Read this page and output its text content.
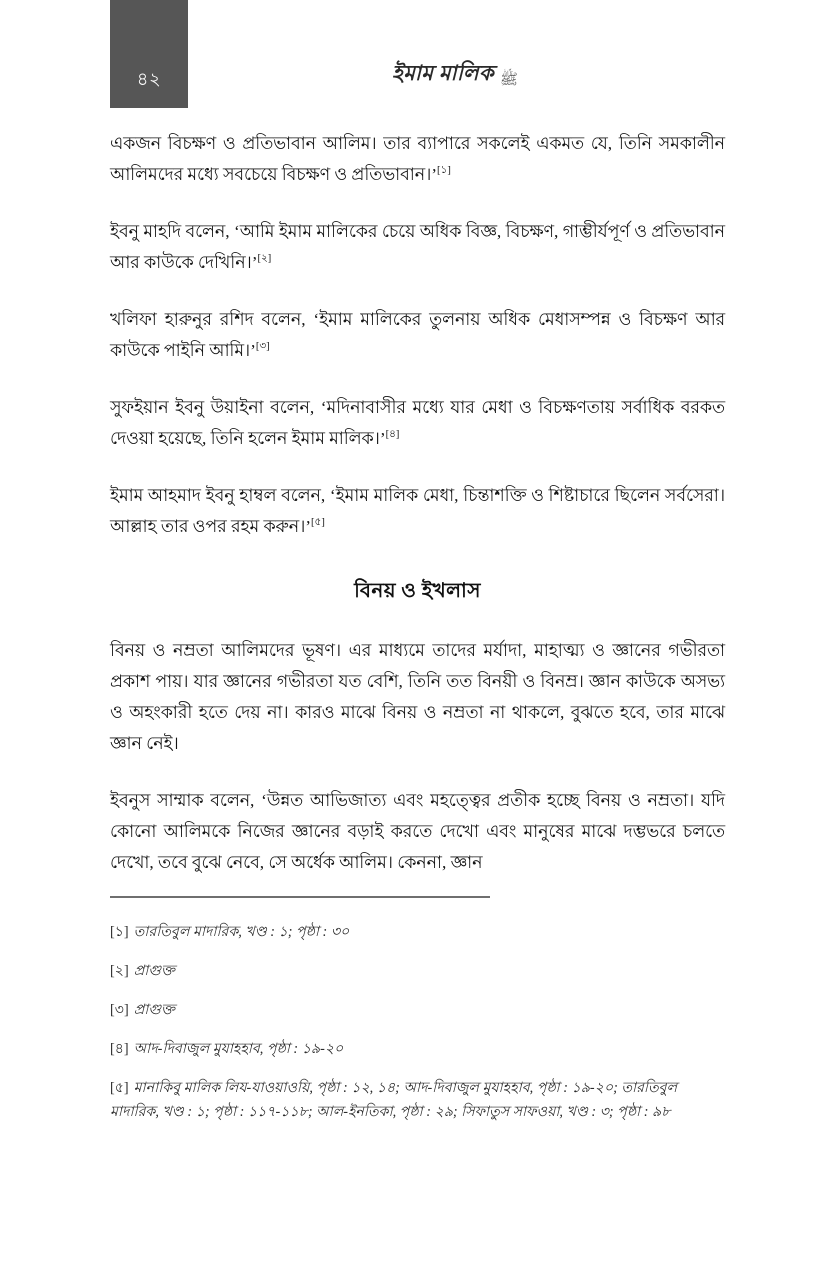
৪২	ইমাম মালিক ﷺ

একজন বিচক্ষণ ও প্রতিভাবান আলিম। তার ব্যাপারে সকলেই একমত যে, তিনি সমকালীন আলিমদের মধ্যে সবচেয়ে বিচক্ষণ ও প্রতিভাবান।’[১]

ইবনু মাহদি বলেন, ‘আমি ইমাম মালিকের চেয়ে অধিক বিজ্ঞ, বিচক্ষণ, গাম্ভীর্যপূর্ণ ও প্রতিভাবান আর কাউকে দেখিনি।’[২]

খলিফা হারুনুর রশিদ বলেন, ‘ইমাম মালিকের তুলনায় অধিক মেধাসম্পন্ন ও বিচক্ষণ আর কাউকে পাইনি আমি।’[৩]

সুফইয়ান ইবনু উয়াইনা বলেন, ‘মদিনাবাসীর মধ্যে যার মেধা ও বিচক্ষণতায় সর্বাধিক বরকত দেওয়া হয়েছে, তিনি হলেন ইমাম মালিক।’[৪]

ইমাম আহমাদ ইবনু হাম্বল বলেন, ‘ইমাম মালিক মেধা, চিন্তাশক্তি ও শিষ্টাচারে ছিলেন সর্বসেরা। আল্লাহ তার ওপর রহম করুন।’[৫]

বিনয় ও ইখলাস

বিনয় ও নম্রতা আলিমদের ভূষণ। এর মাধ্যমে তাদের মর্যাদা, মাহাত্ম্য ও জ্ঞানের গভীরতা প্রকাশ পায়। যার জ্ঞানের গভীরতা যত বেশি, তিনি তত বিনয়ী ও বিনম্র। জ্ঞান কাউকে অসভ্য ও অহংকারী হতে দেয় না। কারও মাঝে বিনয় ও নম্রতা না থাকলে, বুঝতে হবে, তার মাঝে জ্ঞান নেই।

ইবনুস সাম্মাক বলেন, ‘উন্নত আভিজাত্য এবং মহত্ত্বের প্রতীক হচ্ছে বিনয় ও নম্রতা। যদি কোনো আলিমকে নিজের জ্ঞানের বড়াই করতে দেখো এবং মানুষের মাঝে দম্ভভরে চলতে দেখো, তবে বুঝে নেবে, সে অর্ধেক আলিম। কেননা, জ্ঞান

[১] তারতিবুল মাদারিক, খণ্ড : ১; পৃষ্ঠা : ৩০
[২] প্রাগুক্ত
[৩] প্রাগুক্ত
[৪] আদ-দিবাজুল মুযাহহাব, পৃষ্ঠা : ১৯-২০
[৫] মানাকিবু মালিক লিয-যাওয়াওয়ি, পৃষ্ঠা : ১২, ১৪; আদ-দিবাজুল মুযাহহাব, পৃষ্ঠা : ১৯-২০; তারতিবুল মাদারিক, খণ্ড : ১; পৃষ্ঠা : ১১৭-১১৮; আল-ইনতিকা, পৃষ্ঠা : ২৯; সিফাতুস সাফওয়া, খণ্ড : ৩; পৃষ্ঠা : ৯৮
